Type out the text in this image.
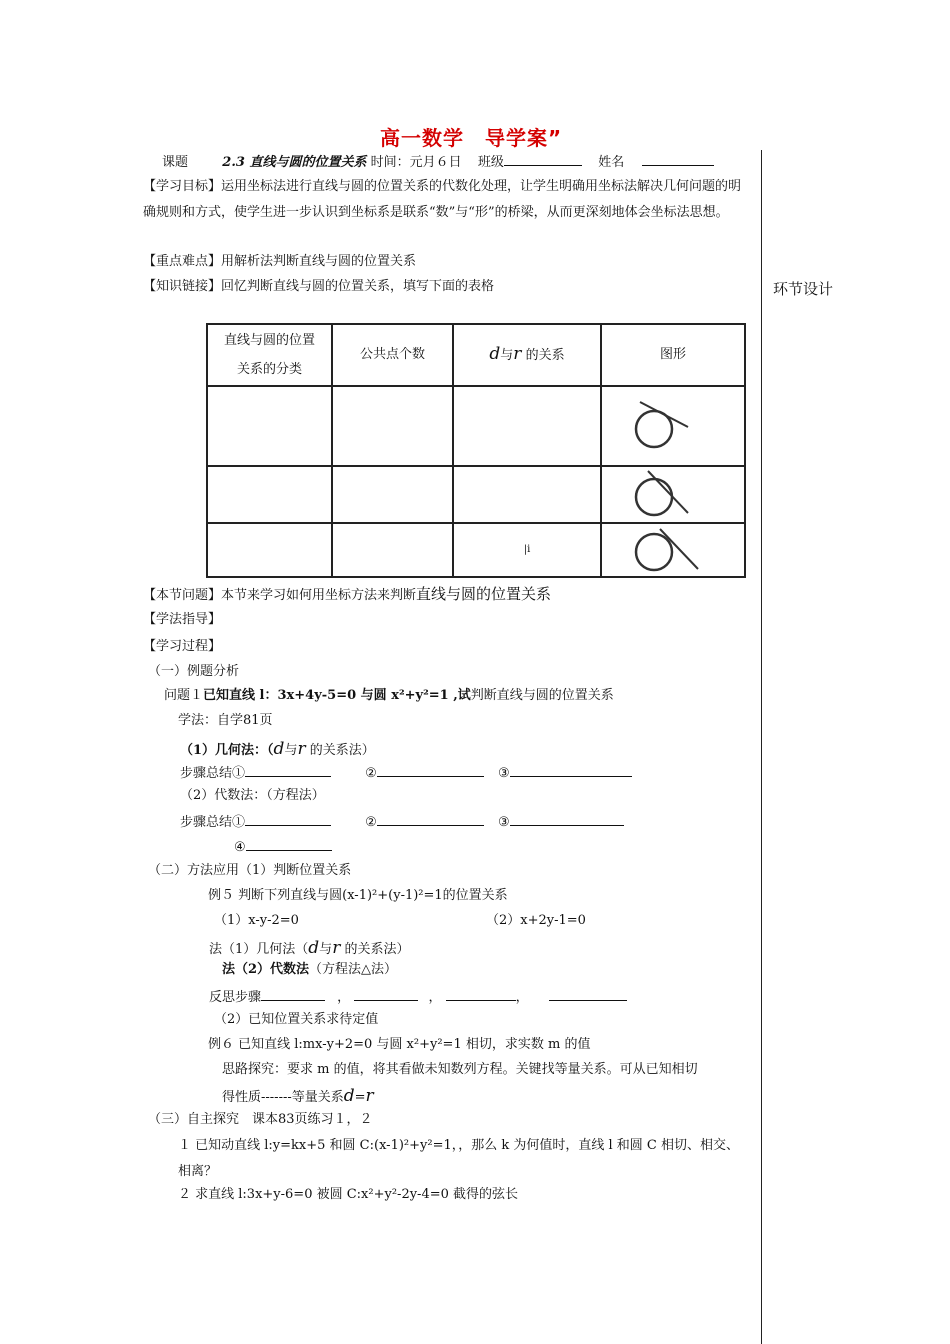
环节设计
高一数学　导学案”
课题	2.3 直线与圆的位置关系 时间：元月６日 班级	姓名
【学习目标】运用坐标法进行直线与圆的位置关系的代数化处理，让学生明确用坐标法解决几何问题的明确规则和方式，使学生进一步认识到坐标系是联系“数”与“形”的桥梁，从而更深刻地体会坐标法思想。
【重点难点】用解析法判断直线与圆的位置关系
【知识链接】回忆判断直线与圆的位置关系，填写下面的表格
直线与圆的位置
关系的分类	公共点个数	d与r 的关系	图形

		|i	
【本节问题】本节来学习如何用坐标方法来判断直线与圆的位置关系
【学法指导】
【学习过程】
（一）例题分析
问题１已知直线 l：3x+4y-5=0 与圆 x²+y²=1 ,试判断直线与圆的位置关系
学法：自学81页
（1）几何法：（d与r 的关系法）
步骤总结①	②	③
（2）代数法：（方程法）
步骤总结①	②	③
④
（二）方法应用（1）判断位置关系
例５ 判断下列直线与圆(x-1)²+(y-1)²=1的位置关系
（1）x-y-2=0	（2）x+2y-1=0
法（1）几何法（d与r 的关系法）
法（2）代数法（方程法△法）
反思步骤	，	，	，
（2）已知位置关系求待定值
例６ 已知直线 l:mx-y+2=0 与圆 x²+y²=1 相切，求实数 m 的值
思路探究：要求 m 的值，将其看做未知数列方程。关键找等量关系。可从已知相切
得性质-------等量关系d=r
（三）自主探究　课本83页练习１，２
１ 已知动直线 l:y=kx+5 和圆 C:(x-1)²+y²=1，，那么 k 为何值时，直线 l 和圆 C 相切、相交、相离？
２ 求直线 l:3x+y-6=0 被圆 C:x²+y²-2y-4=0 截得的弦长
